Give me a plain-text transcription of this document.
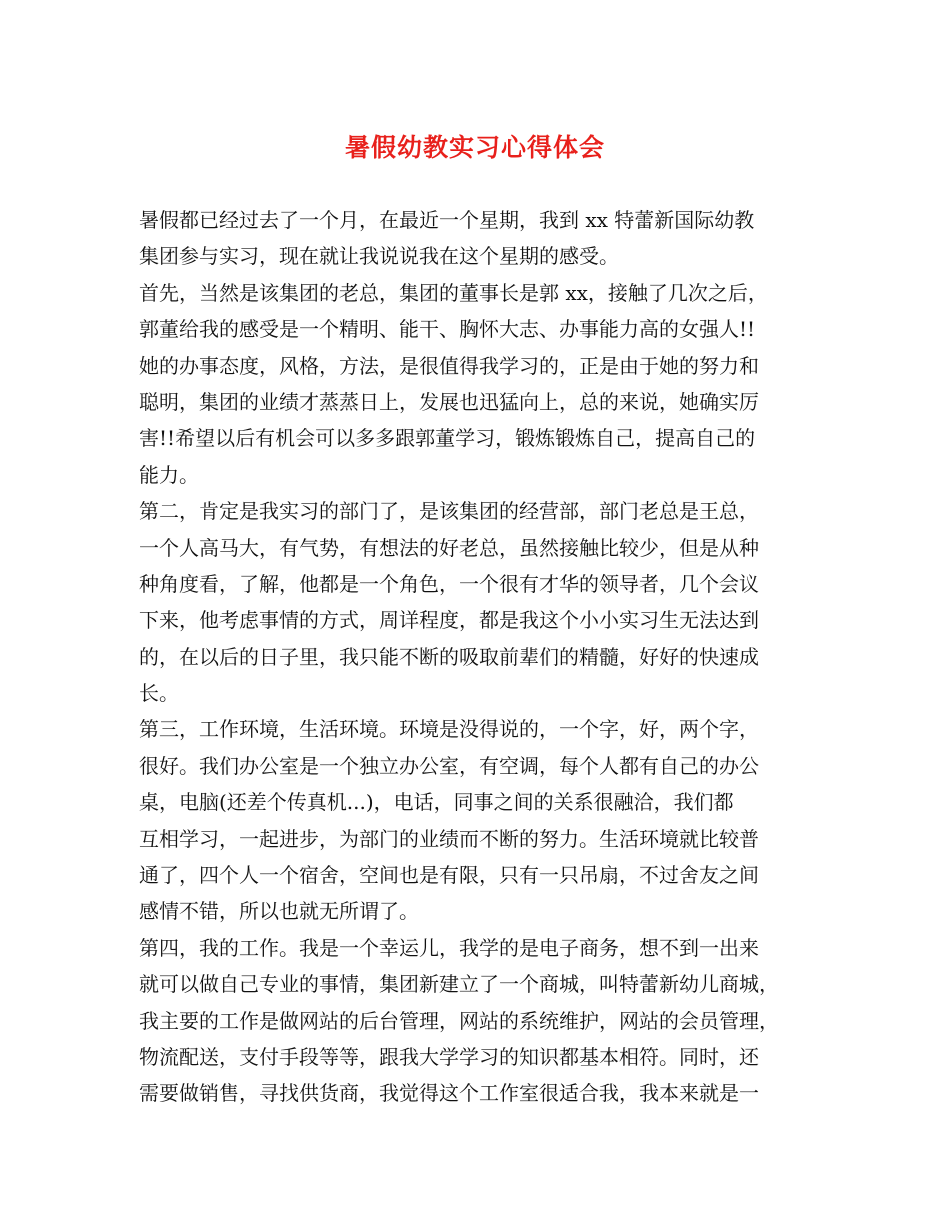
暑假幼教实习心得体会
暑假都已经过去了一个月，在最近一个星期，我到 xx 特蕾新国际幼教
集团参与实习，现在就让我说说我在这个星期的感受。
首先，当然是该集团的老总，集团的董事长是郭 xx，接触了几次之后，
郭董给我的感受是一个精明、能干、胸怀大志、办事能力高的女强人!!
她的办事态度，风格，方法，是很值得我学习的，正是由于她的努力和
聪明，集团的业绩才蒸蒸日上，发展也迅猛向上，总的来说，她确实厉
害!!希望以后有机会可以多多跟郭董学习，锻炼锻炼自己，提高自己的
能力。
第二，肯定是我实习的部门了，是该集团的经营部，部门老总是王总，
一个人高马大，有气势，有想法的好老总，虽然接触比较少，但是从种
种角度看，了解，他都是一个角色，一个很有才华的领导者，几个会议
下来，他考虑事情的方式，周详程度，都是我这个小小实习生无法达到
的，在以后的日子里，我只能不断的吸取前辈们的精髓，好好的快速成
长。
第三，工作环境，生活环境。环境是没得说的，一个字，好，两个字，
很好。我们办公室是一个独立办公室，有空调，每个人都有自己的办公
桌，电脑(还差个传真机...)，电话，同事之间的关系很融洽，我们都
互相学习，一起进步，为部门的业绩而不断的努力。生活环境就比较普
通了，四个人一个宿舍，空间也是有限，只有一只吊扇，不过舍友之间
感情不错，所以也就无所谓了。
第四，我的工作。我是一个幸运儿，我学的是电子商务，想不到一出来
就可以做自己专业的事情，集团新建立了一个商城，叫特蕾新幼儿商城，
我主要的工作是做网站的后台管理，网站的系统维护，网站的会员管理，
物流配送，支付手段等等，跟我大学学习的知识都基本相符。同时，还
需要做销售，寻找供货商，我觉得这个工作室很适合我，我本来就是一
